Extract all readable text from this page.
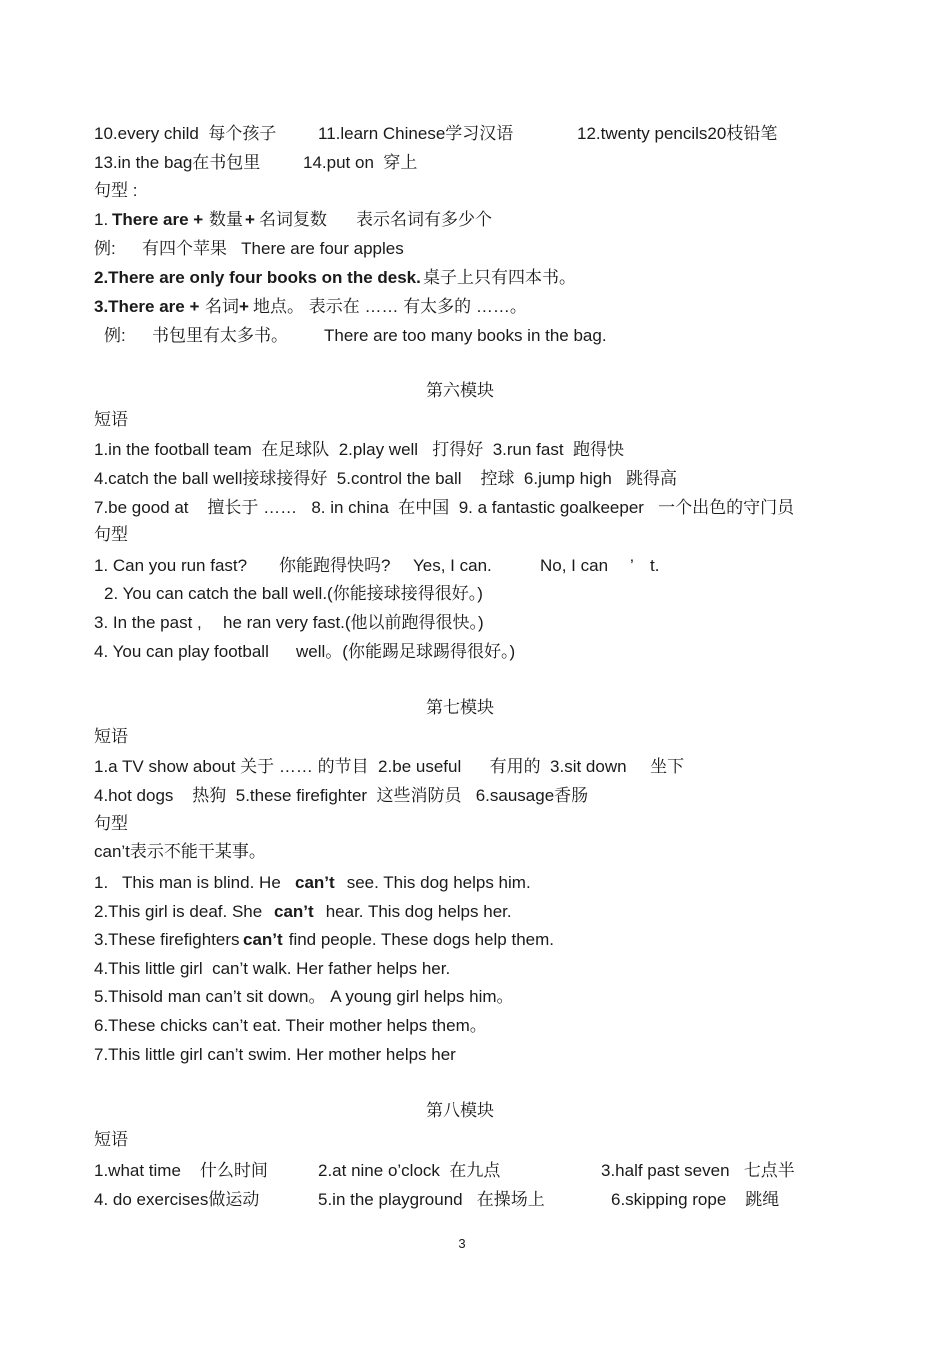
10.every child  每个孩子 11.learn Chinese学习汉语	12.twenty pencils20枝铅笔
13.in the bag在书包里	14.put on  穿上
句型 :
1. There are + 数量 + 名词复数 表示名词有多少个
例: 有四个苹果   There are four apples
2.There are only four books on the desk. 桌子上只有四本书。
3.There are + 名词 + 地点。 表示在 …… 有太多的 ……。
例: 书包里有太多书。 There are too many books in the bag.
第六模块
短语
1.in the football team  在足球队  2.play well   打得好  3.run fast  跑得快
4.catch the ball well接球接得好  5.control the ball    控球  6.jump high   跳得高
7.be good at    擅长于 ……   8. in china  在中国  9. a fantastic goalkeeper   一个出色的守门员
句型
1. Can you run fast? 你能跑得快吗? Yes, I can.	No, I can ’ t.
2. You can catch the ball well.(你能接球接得很好。)
3. In the past , he ran very fast.(他以前跑得很快。)
4. You can play football well。(你能踢足球踢得很好。)
第七模块
短语
1.a TV show about 关于 …… 的节目  2.be useful      有用的  3.sit down     坐下
4.hot dogs    热狗  5.these firefighter  这些消防员   6.sausage香肠
句型
can’t表示不能干某事。
1.   This man is blind. He can’t see. This dog helps him.
2.This girl is deaf. She can’t hear. This dog helps her.
3.These firefighters
can’t find people. These dogs help them.
4.This little girl  can’t walk. Her father helps her.
5.Thisold man can’t sit down。 A young girl helps him。
6.These chicks can’t eat. Their mother helps them。
7.This little girl can’t swim. Her mother helps her
第八模块
短语
1.what time    什么时间	2.at nine o’clock  在九点	3.half past seven   七点半
4. do exercises做运动	5.in the playground   在操场上	6.skipping rope    跳绳
3
